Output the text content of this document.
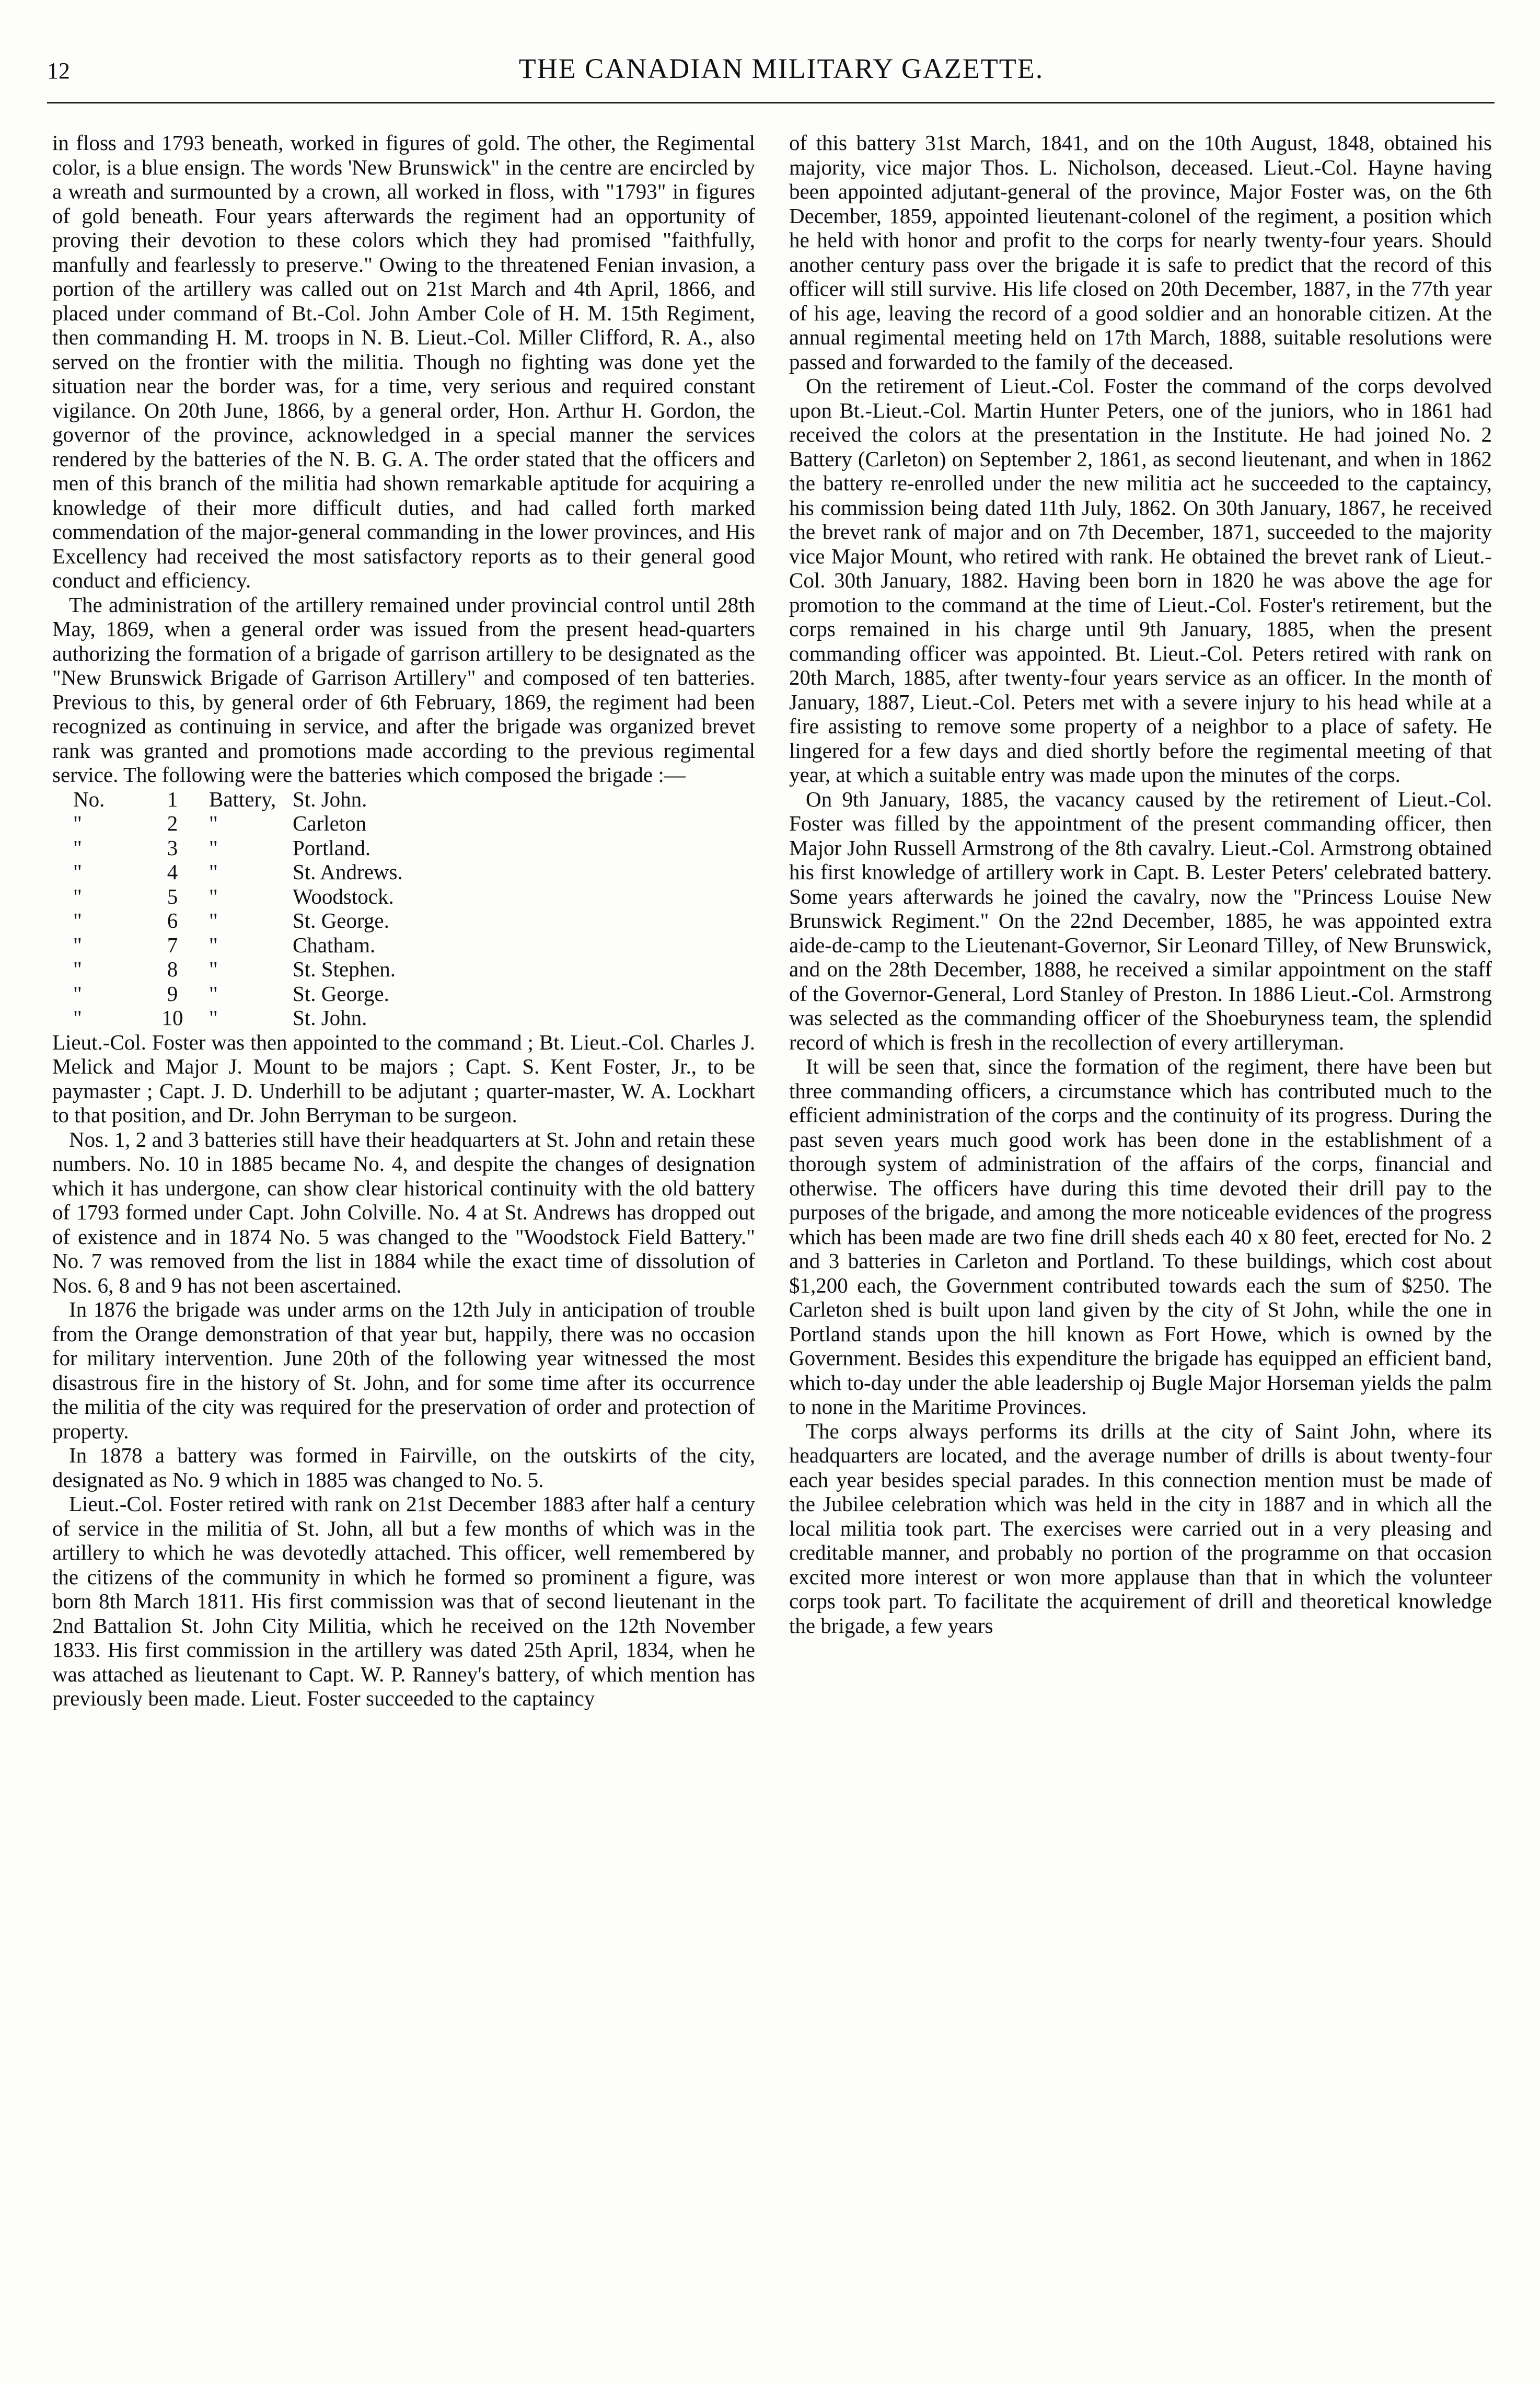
12	THE CANADIAN MILITARY GAZETTE.

in floss and 1793 beneath, worked in figures of gold. The other, the Regimental color, is a blue ensign. The words 'New Brunswick" in the centre are encircled by a wreath and surmounted by a crown, all worked in floss, with "1793" in figures of gold beneath. Four years afterwards the regiment had an opportunity of proving their devotion to these colors which they had promised "faithfully, manfully and fearlessly to preserve." Owing to the threatened Fenian invasion, a portion of the artillery was called out on 21st March and 4th April, 1866, and placed under command of Bt.-Col. John Amber Cole of H. M. 15th Regiment, then commanding H. M. troops in N. B. Lieut.-Col. Miller Clifford, R. A., also served on the frontier with the militia. Though no fighting was done yet the situation near the border was, for a time, very serious and required constant vigilance. On 20th June, 1866, by a general order, Hon. Arthur H. Gordon, the governor of the province, acknowledged in a special manner the services rendered by the batteries of the N. B. G. A. The order stated that the officers and men of this branch of the militia had shown remarkable aptitude for acquiring a knowledge of their more difficult duties, and had called forth marked commendation of the major-general commanding in the lower provinces, and His Excellency had received the most satisfactory reports as to their general good conduct and efficiency.

The administration of the artillery remained under provincial control until 28th May, 1869, when a general order was issued from the present head-quarters authorizing the formation of a brigade of garrison artillery to be designated as the "New Brunswick Brigade of Garrison Artillery" and composed of ten batteries. Previous to this, by general order of 6th February, 1869, the regiment had been recognized as continuing in service, and after the brigade was organized brevet rank was granted and promotions made according to the previous regimental service. The following were the batteries which composed the brigade :—

No.	1	Battery, St. John.
"	2	"	Carleton
"	3	"	Portland.
"	4	"	St. Andrews.
"	5	"	Woodstock.
"	6	"	St. George.
"	7	"	Chatham.
"	8	"	St. Stephen.
"	9	"	St. George.
"	10	"	St. John.

Lieut.-Col. Foster was then appointed to the command ; Bt. Lieut.-Col. Charles J. Melick and Major J. Mount to be majors ; Capt. S. Kent Foster, Jr., to be paymaster ; Capt. J. D. Underhill to be adjutant ; quarter-master, W. A. Lockhart to that position, and Dr. John Berryman to be surgeon.

Nos. 1, 2 and 3 batteries still have their headquarters at St. John and retain these numbers. No. 10 in 1885 became No. 4, and despite the changes of designation which it has undergone, can show clear historical continuity with the old battery of 1793 formed under Capt. John Colville. No. 4 at St. Andrews has dropped out of existence and in 1874 No. 5 was changed to the "Woodstock Field Battery." No. 7 was removed from the list in 1884 while the exact time of dissolution of Nos. 6, 8 and 9 has not been ascertained.

In 1876 the brigade was under arms on the 12th July in anticipation of trouble from the Orange demonstration of that year but, happily, there was no occasion for military intervention. June 20th of the following year witnessed the most disastrous fire in the history of St. John, and for some time after its occurrence the militia of the city was required for the preservation of order and protection of property.

In 1878 a battery was formed in Fairville, on the outskirts of the city, designated as No. 9 which in 1885 was changed to No. 5.

Lieut.-Col. Foster retired with rank on 21st December 1883 after half a century of service in the militia of St. John, all but a few months of which was in the artillery to which he was devotedly attached. This officer, well remembered by the citizens of the community in which he formed so prominent a figure, was born 8th March 1811. His first commission was that of second lieutenant in the 2nd Battalion St. John City Militia, which he received on the 12th November 1833. His first commission in the artillery was dated 25th April, 1834, when he was attached as lieutenant to Capt. W. P. Ranney's battery, of which mention has previously been made. Lieut. Foster succeeded to the captaincy

of this battery 31st March, 1841, and on the 10th August, 1848, obtained his majority, vice major Thos. L. Nicholson, deceased. Lieut.-Col. Hayne having been appointed adjutant-general of the province, Major Foster was, on the 6th December, 1859, appointed lieutenant-colonel of the regiment, a position which he held with honor and profit to the corps for nearly twenty-four years. Should another century pass over the brigade it is safe to predict that the record of this officer will still survive. His life closed on 20th December, 1887, in the 77th year of his age, leaving the record of a good soldier and an honorable citizen. At the annual regimental meeting held on 17th March, 1888, suitable resolutions were passed and forwarded to the family of the deceased.

On the retirement of Lieut.-Col. Foster the command of the corps devolved upon Bt.-Lieut.-Col. Martin Hunter Peters, one of the juniors, who in 1861 had received the colors at the presentation in the Institute. He had joined No. 2 Battery (Carleton) on September 2, 1861, as second lieutenant, and when in 1862 the battery re-enrolled under the new militia act he succeeded to the captaincy, his commission being dated 11th July, 1862. On 30th January, 1867, he received the brevet rank of major and on 7th December, 1871, succeeded to the majority vice Major Mount, who retired with rank. He obtained the brevet rank of Lieut.-Col. 30th January, 1882. Having been born in 1820 he was above the age for promotion to the command at the time of Lieut.-Col. Foster's retirement, but the corps remained in his charge until 9th January, 1885, when the present commanding officer was appointed. Bt. Lieut.-Col. Peters retired with rank on 20th March, 1885, after twenty-four years service as an officer. In the month of January, 1887, Lieut.-Col. Peters met with a severe injury to his head while at a fire assisting to remove some property of a neighbor to a place of safety. He lingered for a few days and died shortly before the regimental meeting of that year, at which a suitable entry was made upon the minutes of the corps.

On 9th January, 1885, the vacancy caused by the retirement of Lieut.-Col. Foster was filled by the appointment of the present commanding officer, then Major John Russell Armstrong of the 8th cavalry. Lieut.-Col. Armstrong obtained his first knowledge of artillery work in Capt. B. Lester Peters' celebrated battery. Some years afterwards he joined the cavalry, now the "Princess Louise New Brunswick Regiment." On the 22nd December, 1885, he was appointed extra aide-de-camp to the Lieutenant-Governor, Sir Leonard Tilley, of New Brunswick, and on the 28th December, 1888, he received a similar appointment on the staff of the Governor-General, Lord Stanley of Preston. In 1886 Lieut.-Col. Armstrong was selected as the commanding officer of the Shoeburyness team, the splendid record of which is fresh in the recollection of every artilleryman.

It will be seen that, since the formation of the regiment, there have been but three commanding officers, a circumstance which has contributed much to the efficient administration of the corps and the continuity of its progress. During the past seven years much good work has been done in the establishment of a thorough system of administration of the affairs of the corps, financial and otherwise. The officers have during this time devoted their drill pay to the purposes of the brigade, and among the more noticeable evidences of the progress which has been made are two fine drill sheds each 40 x 80 feet, erected for No. 2 and 3 batteries in Carleton and Portland. To these buildings, which cost about $1,200 each, the Government contributed towards each the sum of $250. The Carleton shed is built upon land given by the city of St John, while the one in Portland stands upon the hill known as Fort Howe, which is owned by the Government. Besides this expenditure the brigade has equipped an efficient band, which to-day under the able leadership oj Bugle Major Horseman yields the palm to none in the Maritime Provinces.

The corps always performs its drills at the city of Saint John, where its headquarters are located, and the average number of drills is about twenty-four each year besides special parades. In this connection mention must be made of the Jubilee celebration which was held in the city in 1887 and in which all the local militia took part. The exercises were carried out in a very pleasing and creditable manner, and probably no portion of the programme on that occasion excited more interest or won more applause than that in which the volunteer corps took part. To facilitate the acquirement of drill and theoretical knowledge the brigade, a few years
